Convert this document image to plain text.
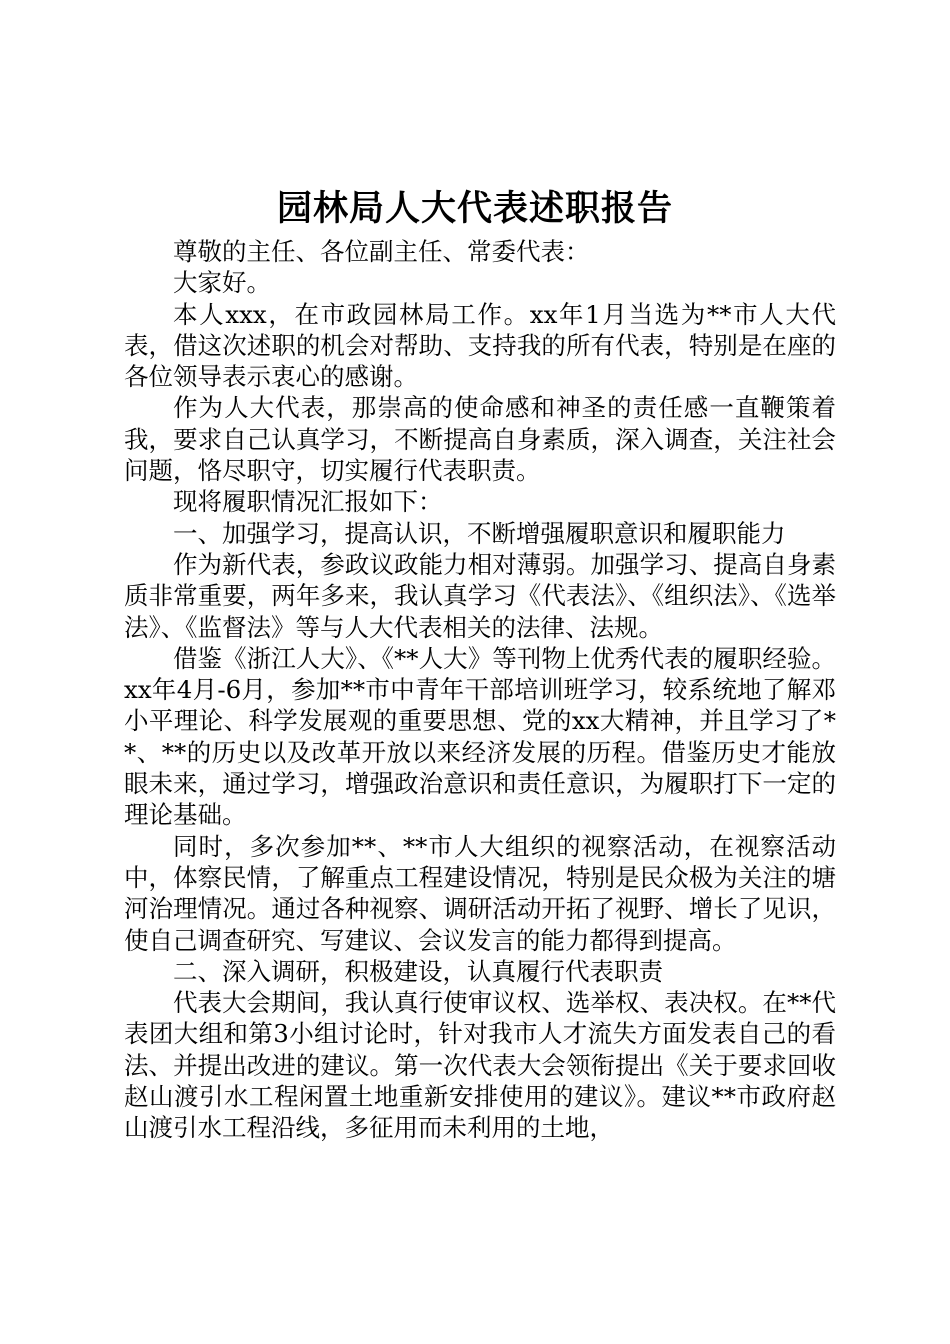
园林局人大代表述职报告

尊敬的主任、各位副主任、常委代表：

大家好。

本人xxx，在市政园林局工作。xx年1月当选为**市人大代表，借这次述职的机会对帮助、支持我的所有代表，特别是在座的各位领导表示衷心的感谢。

作为人大代表，那崇高的使命感和神圣的责任感一直鞭策着我，要求自己认真学习，不断提高自身素质，深入调查，关注社会问题，恪尽职守，切实履行代表职责。

现将履职情况汇报如下：

一、加强学习，提高认识，不断增强履职意识和履职能力

作为新代表，参政议政能力相对薄弱。加强学习、提高自身素质非常重要，两年多来，我认真学习《代表法》、《组织法》、《选举法》、《监督法》等与人大代表相关的法律、法规。

借鉴《浙江人大》、《**人大》等刊物上优秀代表的履职经验。xx年4月-6月，参加**市中青年干部培训班学习，较系统地了解邓小平理论、科学发展观的重要思想、党的xx大精神，并且学习了**、**的历史以及改革开放以来经济发展的历程。借鉴历史才能放眼未来，通过学习，增强政治意识和责任意识，为履职打下一定的理论基础。

同时，多次参加**、**市人大组织的视察活动，在视察活动中，体察民情，了解重点工程建设情况，特别是民众极为关注的塘河治理情况。通过各种视察、调研活动开拓了视野、增长了见识，使自己调查研究、写建议、会议发言的能力都得到提高。

二、深入调研，积极建设，认真履行代表职责

代表大会期间，我认真行使审议权、选举权、表决权。在**代表团大组和第3小组讨论时，针对我市人才流失方面发表自己的看法、并提出改进的建议。第一次代表大会领衔提出《关于要求回收赵山渡引水工程闲置土地重新安排使用的建议》。建议**市政府赵山渡引水工程沿线，多征用而未利用的土地，
